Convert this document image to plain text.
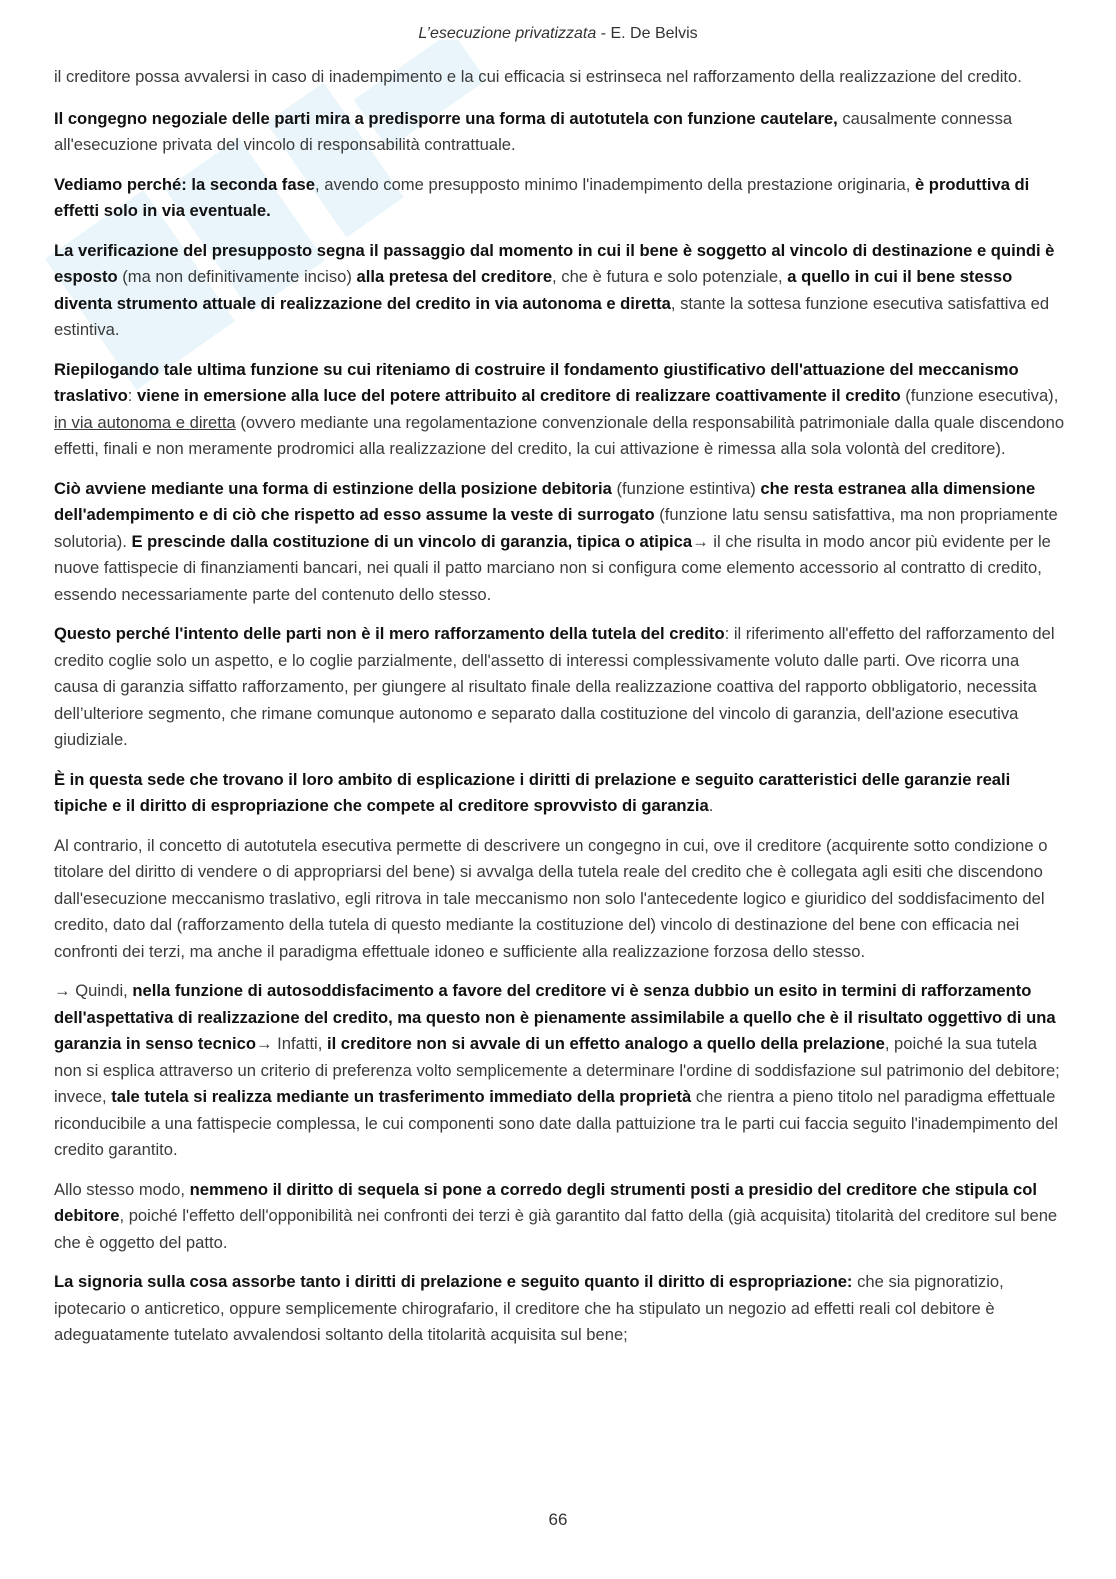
L’esecuzione privatizzata - E. De Belvis

il creditore possa avvalersi in caso di inadempimento e la cui efficacia si estrinseca nel rafforzamento della realizzazione del credito.

Il congegno negoziale delle parti mira a predisporre una forma di autotutela con funzione cautelare, causalmente connessa all'esecuzione privata del vincolo di responsabilità contrattuale.

Vediamo perché: la seconda fase, avendo come presupposto minimo l'inadempimento della prestazione originaria, è produttiva di effetti solo in via eventuale.

La verificazione del presupposto segna il passaggio dal momento in cui il bene è soggetto al vincolo di destinazione e quindi è esposto (ma non definitivamente inciso) alla pretesa del creditore, che è futura e solo potenziale, a quello in cui il bene stesso diventa strumento attuale di realizzazione del credito in via autonoma e diretta, stante la sottesa funzione esecutiva satisfattiva ed estintiva.

Riepilogando tale ultima funzione su cui riteniamo di costruire il fondamento giustificativo dell'attuazione del meccanismo traslativo: viene in emersione alla luce del potere attribuito al creditore di realizzare coattivamente il credito (funzione esecutiva), in via autonoma e diretta (ovvero mediante una regolamentazione convenzionale della responsabilità patrimoniale dalla quale discendono effetti, finali e non meramente prodromici alla realizzazione del credito, la cui attivazione è rimessa alla sola volontà del creditore).

Ciò avviene mediante una forma di estinzione della posizione debitoria (funzione estintiva) che resta estranea alla dimensione dell'adempimento e di ciò che rispetto ad esso assume la veste di surrogato (funzione latu sensu satisfattiva, ma non propriamente solutoria). E prescinde dalla costituzione di un vincolo di garanzia, tipica o atipica→ il che risulta in modo ancor più evidente per le nuove fattispecie di finanziamenti bancari, nei quali il patto marciano non si configura come elemento accessorio al contratto di credito, essendo necessariamente parte del contenuto dello stesso.

Questo perché l'intento delle parti non è il mero rafforzamento della tutela del credito: il riferimento all'effetto del rafforzamento del credito coglie solo un aspetto, e lo coglie parzialmente, dell'assetto di interessi complessivamente voluto dalle parti. Ove ricorra una causa di garanzia siffatto rafforzamento, per giungere al risultato finale della realizzazione coattiva del rapporto obbligatorio, necessita dell’ulteriore segmento, che rimane comunque autonomo e separato dalla costituzione del vincolo di garanzia, dell'azione esecutiva giudiziale.

È in questa sede che trovano il loro ambito di esplicazione i diritti di prelazione e seguito caratteristici delle garanzie reali tipiche e il diritto di espropriazione che compete al creditore sprovvisto di garanzia.

Al contrario, il concetto di autotutela esecutiva permette di descrivere un congegno in cui, ove il creditore (acquirente sotto condizione o titolare del diritto di vendere o di appropriarsi del bene) si avvalga della tutela reale del credito che è collegata agli esiti che discendono dall'esecuzione meccanismo traslativo, egli ritrova in tale meccanismo non solo l'antecedente logico e giuridico del soddisfacimento del credito, dato dal (rafforzamento della tutela di questo mediante la costituzione del) vincolo di destinazione del bene con efficacia nei confronti dei terzi, ma anche il paradigma effettuale idoneo e sufficiente alla realizzazione forzosa dello stesso.

→ Quindi, nella funzione di autosoddisfacimento a favore del creditore vi è senza dubbio un esito in termini di rafforzamento dell'aspettativa di realizzazione del credito, ma questo non è pienamente assimilabile a quello che è il risultato oggettivo di una garanzia in senso tecnico→ Infatti, il creditore non si avvale di un effetto analogo a quello della prelazione, poiché la sua tutela non si esplica attraverso un criterio di preferenza volto semplicemente a determinare l'ordine di soddisfazione sul patrimonio del debitore; invece, tale tutela si realizza mediante un trasferimento immediato della proprietà che rientra a pieno titolo nel paradigma effettuale riconducibile a una fattispecie complessa, le cui componenti sono date dalla pattuizione tra le parti cui faccia seguito l'inadempimento del credito garantito.

Allo stesso modo, nemmeno il diritto di sequela si pone a corredo degli strumenti posti a presidio del creditore che stipula col debitore, poiché l'effetto dell'opponibilità nei confronti dei terzi è già garantito dal fatto della (già acquisita) titolarità del creditore sul bene che è oggetto del patto.

La signoria sulla cosa assorbe tanto i diritti di prelazione e seguito quanto il diritto di espropriazione: che sia pignoratizio, ipotecario o anticretico, oppure semplicemente chirografario, il creditore che ha stipulato un negozio ad effetti reali col debitore è adeguatamente tutelato avvalendosi soltanto della titolarità acquisita sul bene;

66
